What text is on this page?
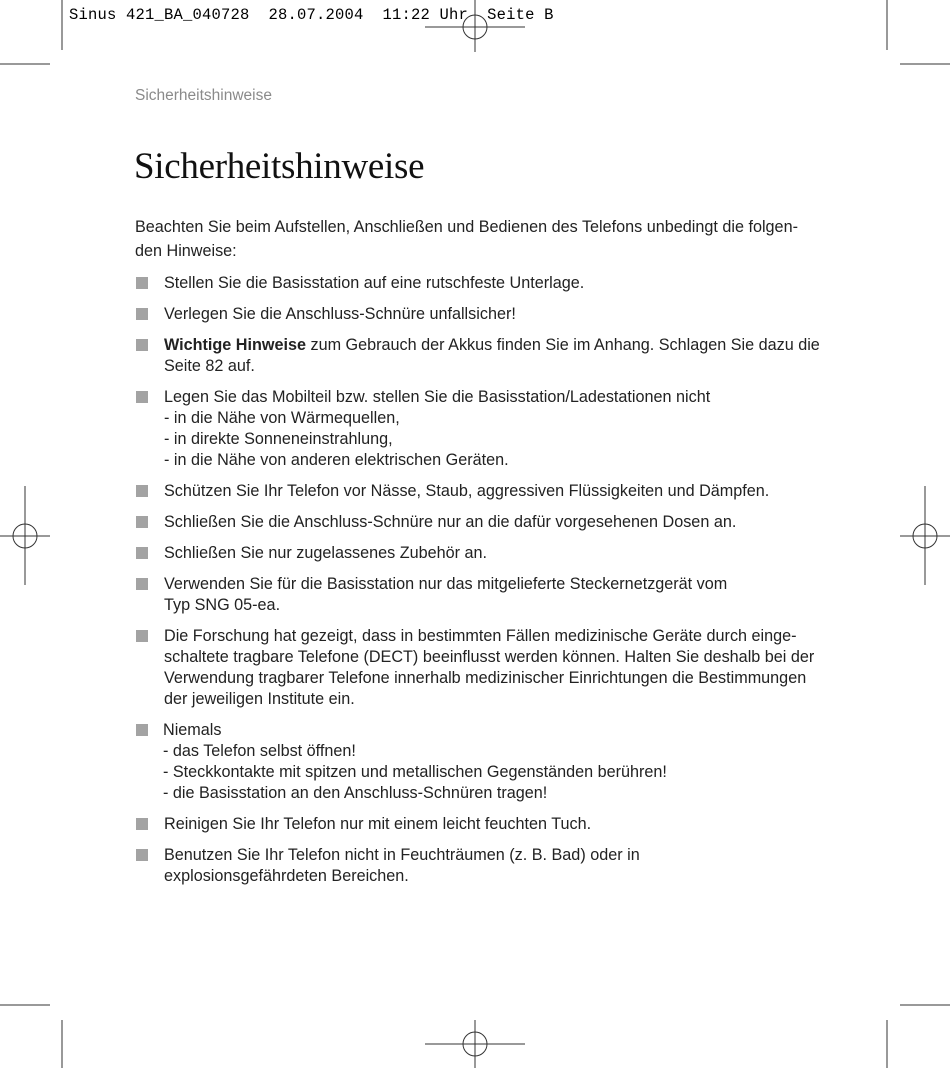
Sinus 421_BA_040728  28.07.2004  11:22 Uhr  Seite B
Sicherheitshinweise
Sicherheitshinweise

Beachten Sie beim Aufstellen, Anschließen und Bedienen des Telefons unbedingt die folgen-
den Hinweise:

Stellen Sie die Basisstation auf eine rutschfeste Unterlage.
Verlegen Sie die Anschluss-Schnüre unfallsicher!
Wichtige Hinweise zum Gebrauch der Akkus finden Sie im Anhang. Schlagen Sie dazu die
Seite 82 auf.
Legen Sie das Mobilteil bzw. stellen Sie die Basisstation/Ladestationen nicht
- in die Nähe von Wärmequellen,
- in direkte Sonneneinstrahlung,
- in die Nähe von anderen elektrischen Geräten.
Schützen Sie Ihr Telefon vor Nässe, Staub, aggressiven Flüssigkeiten und Dämpfen.
Schließen Sie die Anschluss-Schnüre nur an die dafür vorgesehenen Dosen an.
Schließen Sie nur zugelassenes Zubehör an.
Verwenden Sie für die Basisstation nur das mitgelieferte Steckernetzgerät vom
Typ SNG 05-ea.
Die Forschung hat gezeigt, dass in bestimmten Fällen medizinische Geräte durch einge-
schaltete tragbare Telefone (DECT) beeinflusst werden können. Halten Sie deshalb bei der
Verwendung tragbarer Telefone innerhalb medizinischer Einrichtungen die Bestimmungen
der jeweiligen Institute ein.
Niemals
- das Telefon selbst öffnen!
- Steckkontakte mit spitzen und metallischen Gegenständen berühren!
- die Basisstation an den Anschluss-Schnüren tragen!
Reinigen Sie Ihr Telefon nur mit einem leicht feuchten Tuch.
Benutzen Sie Ihr Telefon nicht in Feuchträumen (z. B. Bad) oder in
explosionsgefährdeten Bereichen.
